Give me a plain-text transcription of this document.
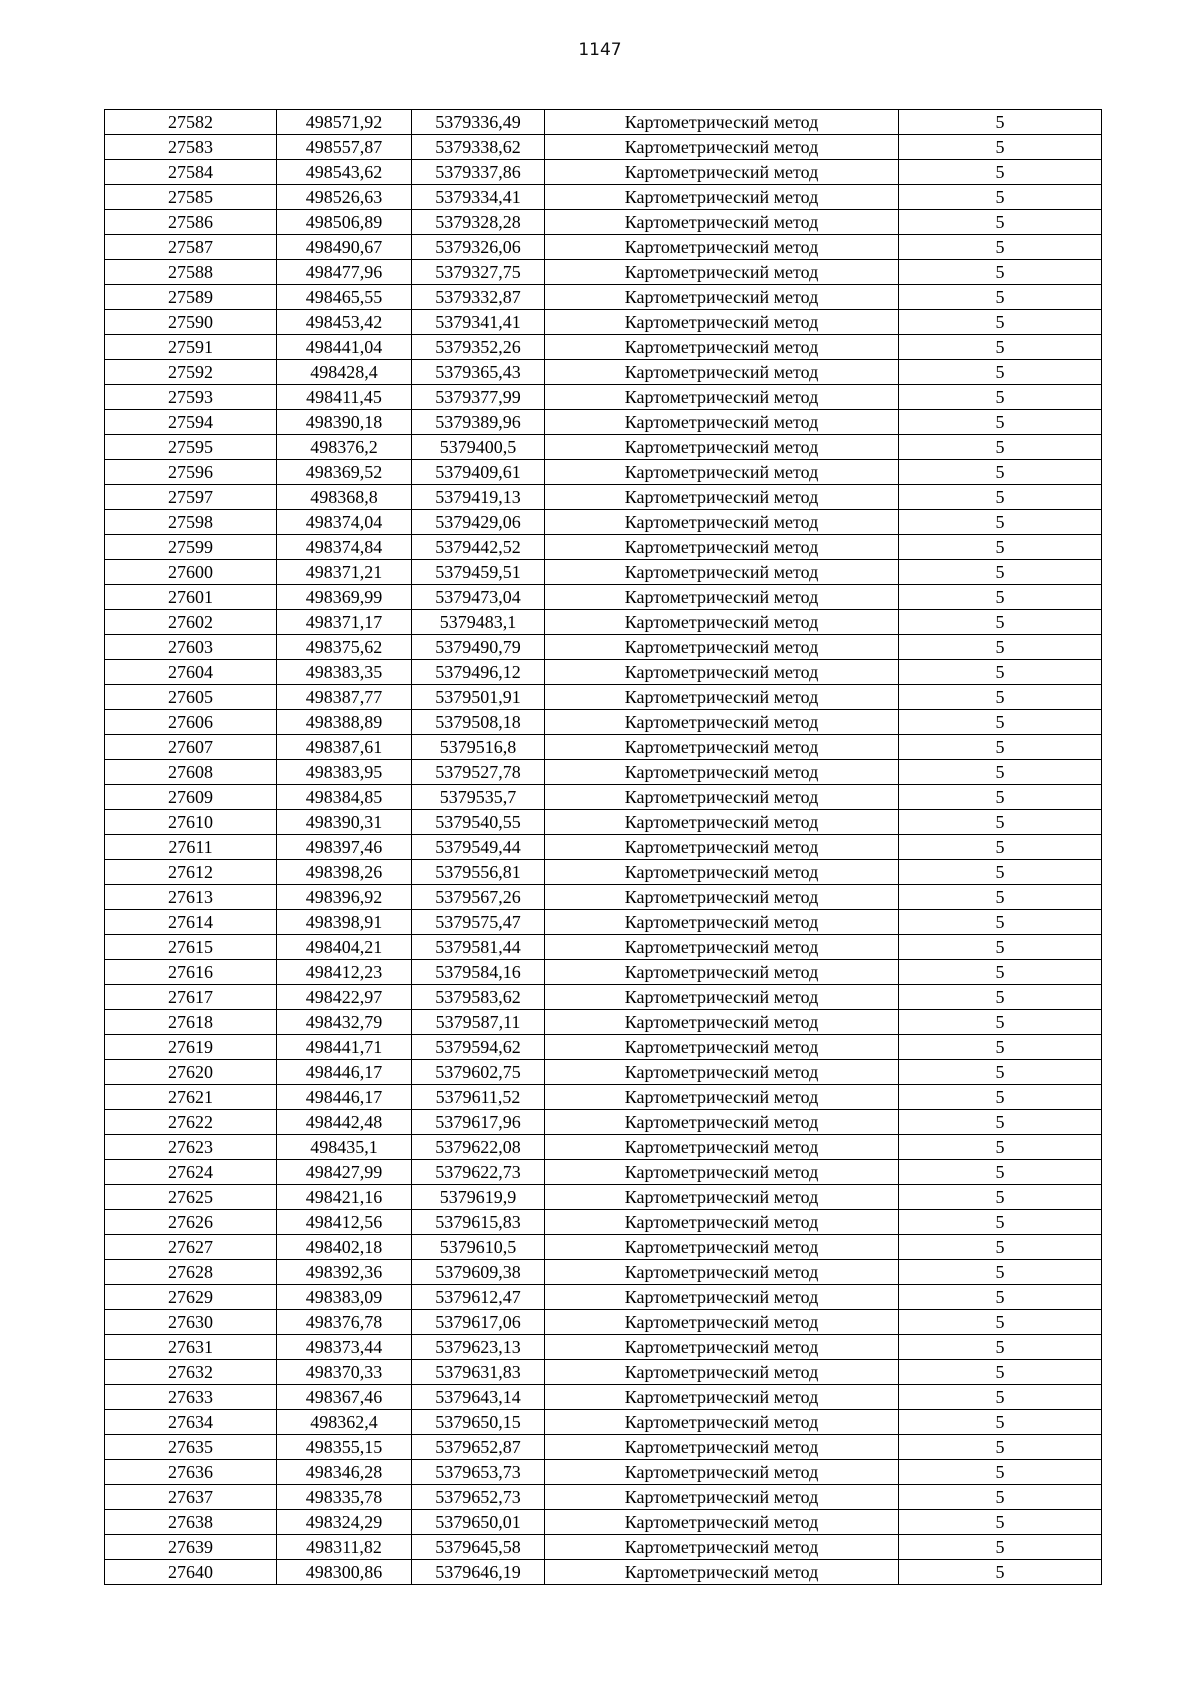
1147
27582	498571,92	5379336,49	Картометрический метод	5
27583	498557,87	5379338,62	Картометрический метод	5
27584	498543,62	5379337,86	Картометрический метод	5
27585	498526,63	5379334,41	Картометрический метод	5
27586	498506,89	5379328,28	Картометрический метод	5
27587	498490,67	5379326,06	Картометрический метод	5
27588	498477,96	5379327,75	Картометрический метод	5
27589	498465,55	5379332,87	Картометрический метод	5
27590	498453,42	5379341,41	Картометрический метод	5
27591	498441,04	5379352,26	Картометрический метод	5
27592	498428,4	5379365,43	Картометрический метод	5
27593	498411,45	5379377,99	Картометрический метод	5
27594	498390,18	5379389,96	Картометрический метод	5
27595	498376,2	5379400,5	Картометрический метод	5
27596	498369,52	5379409,61	Картометрический метод	5
27597	498368,8	5379419,13	Картометрический метод	5
27598	498374,04	5379429,06	Картометрический метод	5
27599	498374,84	5379442,52	Картометрический метод	5
27600	498371,21	5379459,51	Картометрический метод	5
27601	498369,99	5379473,04	Картометрический метод	5
27602	498371,17	5379483,1	Картометрический метод	5
27603	498375,62	5379490,79	Картометрический метод	5
27604	498383,35	5379496,12	Картометрический метод	5
27605	498387,77	5379501,91	Картометрический метод	5
27606	498388,89	5379508,18	Картометрический метод	5
27607	498387,61	5379516,8	Картометрический метод	5
27608	498383,95	5379527,78	Картометрический метод	5
27609	498384,85	5379535,7	Картометрический метод	5
27610	498390,31	5379540,55	Картометрический метод	5
27611	498397,46	5379549,44	Картометрический метод	5
27612	498398,26	5379556,81	Картометрический метод	5
27613	498396,92	5379567,26	Картометрический метод	5
27614	498398,91	5379575,47	Картометрический метод	5
27615	498404,21	5379581,44	Картометрический метод	5
27616	498412,23	5379584,16	Картометрический метод	5
27617	498422,97	5379583,62	Картометрический метод	5
27618	498432,79	5379587,11	Картометрический метод	5
27619	498441,71	5379594,62	Картометрический метод	5
27620	498446,17	5379602,75	Картометрический метод	5
27621	498446,17	5379611,52	Картометрический метод	5
27622	498442,48	5379617,96	Картометрический метод	5
27623	498435,1	5379622,08	Картометрический метод	5
27624	498427,99	5379622,73	Картометрический метод	5
27625	498421,16	5379619,9	Картометрический метод	5
27626	498412,56	5379615,83	Картометрический метод	5
27627	498402,18	5379610,5	Картометрический метод	5
27628	498392,36	5379609,38	Картометрический метод	5
27629	498383,09	5379612,47	Картометрический метод	5
27630	498376,78	5379617,06	Картометрический метод	5
27631	498373,44	5379623,13	Картометрический метод	5
27632	498370,33	5379631,83	Картометрический метод	5
27633	498367,46	5379643,14	Картометрический метод	5
27634	498362,4	5379650,15	Картометрический метод	5
27635	498355,15	5379652,87	Картометрический метод	5
27636	498346,28	5379653,73	Картометрический метод	5
27637	498335,78	5379652,73	Картометрический метод	5
27638	498324,29	5379650,01	Картометрический метод	5
27639	498311,82	5379645,58	Картометрический метод	5
27640	498300,86	5379646,19	Картометрический метод	5
